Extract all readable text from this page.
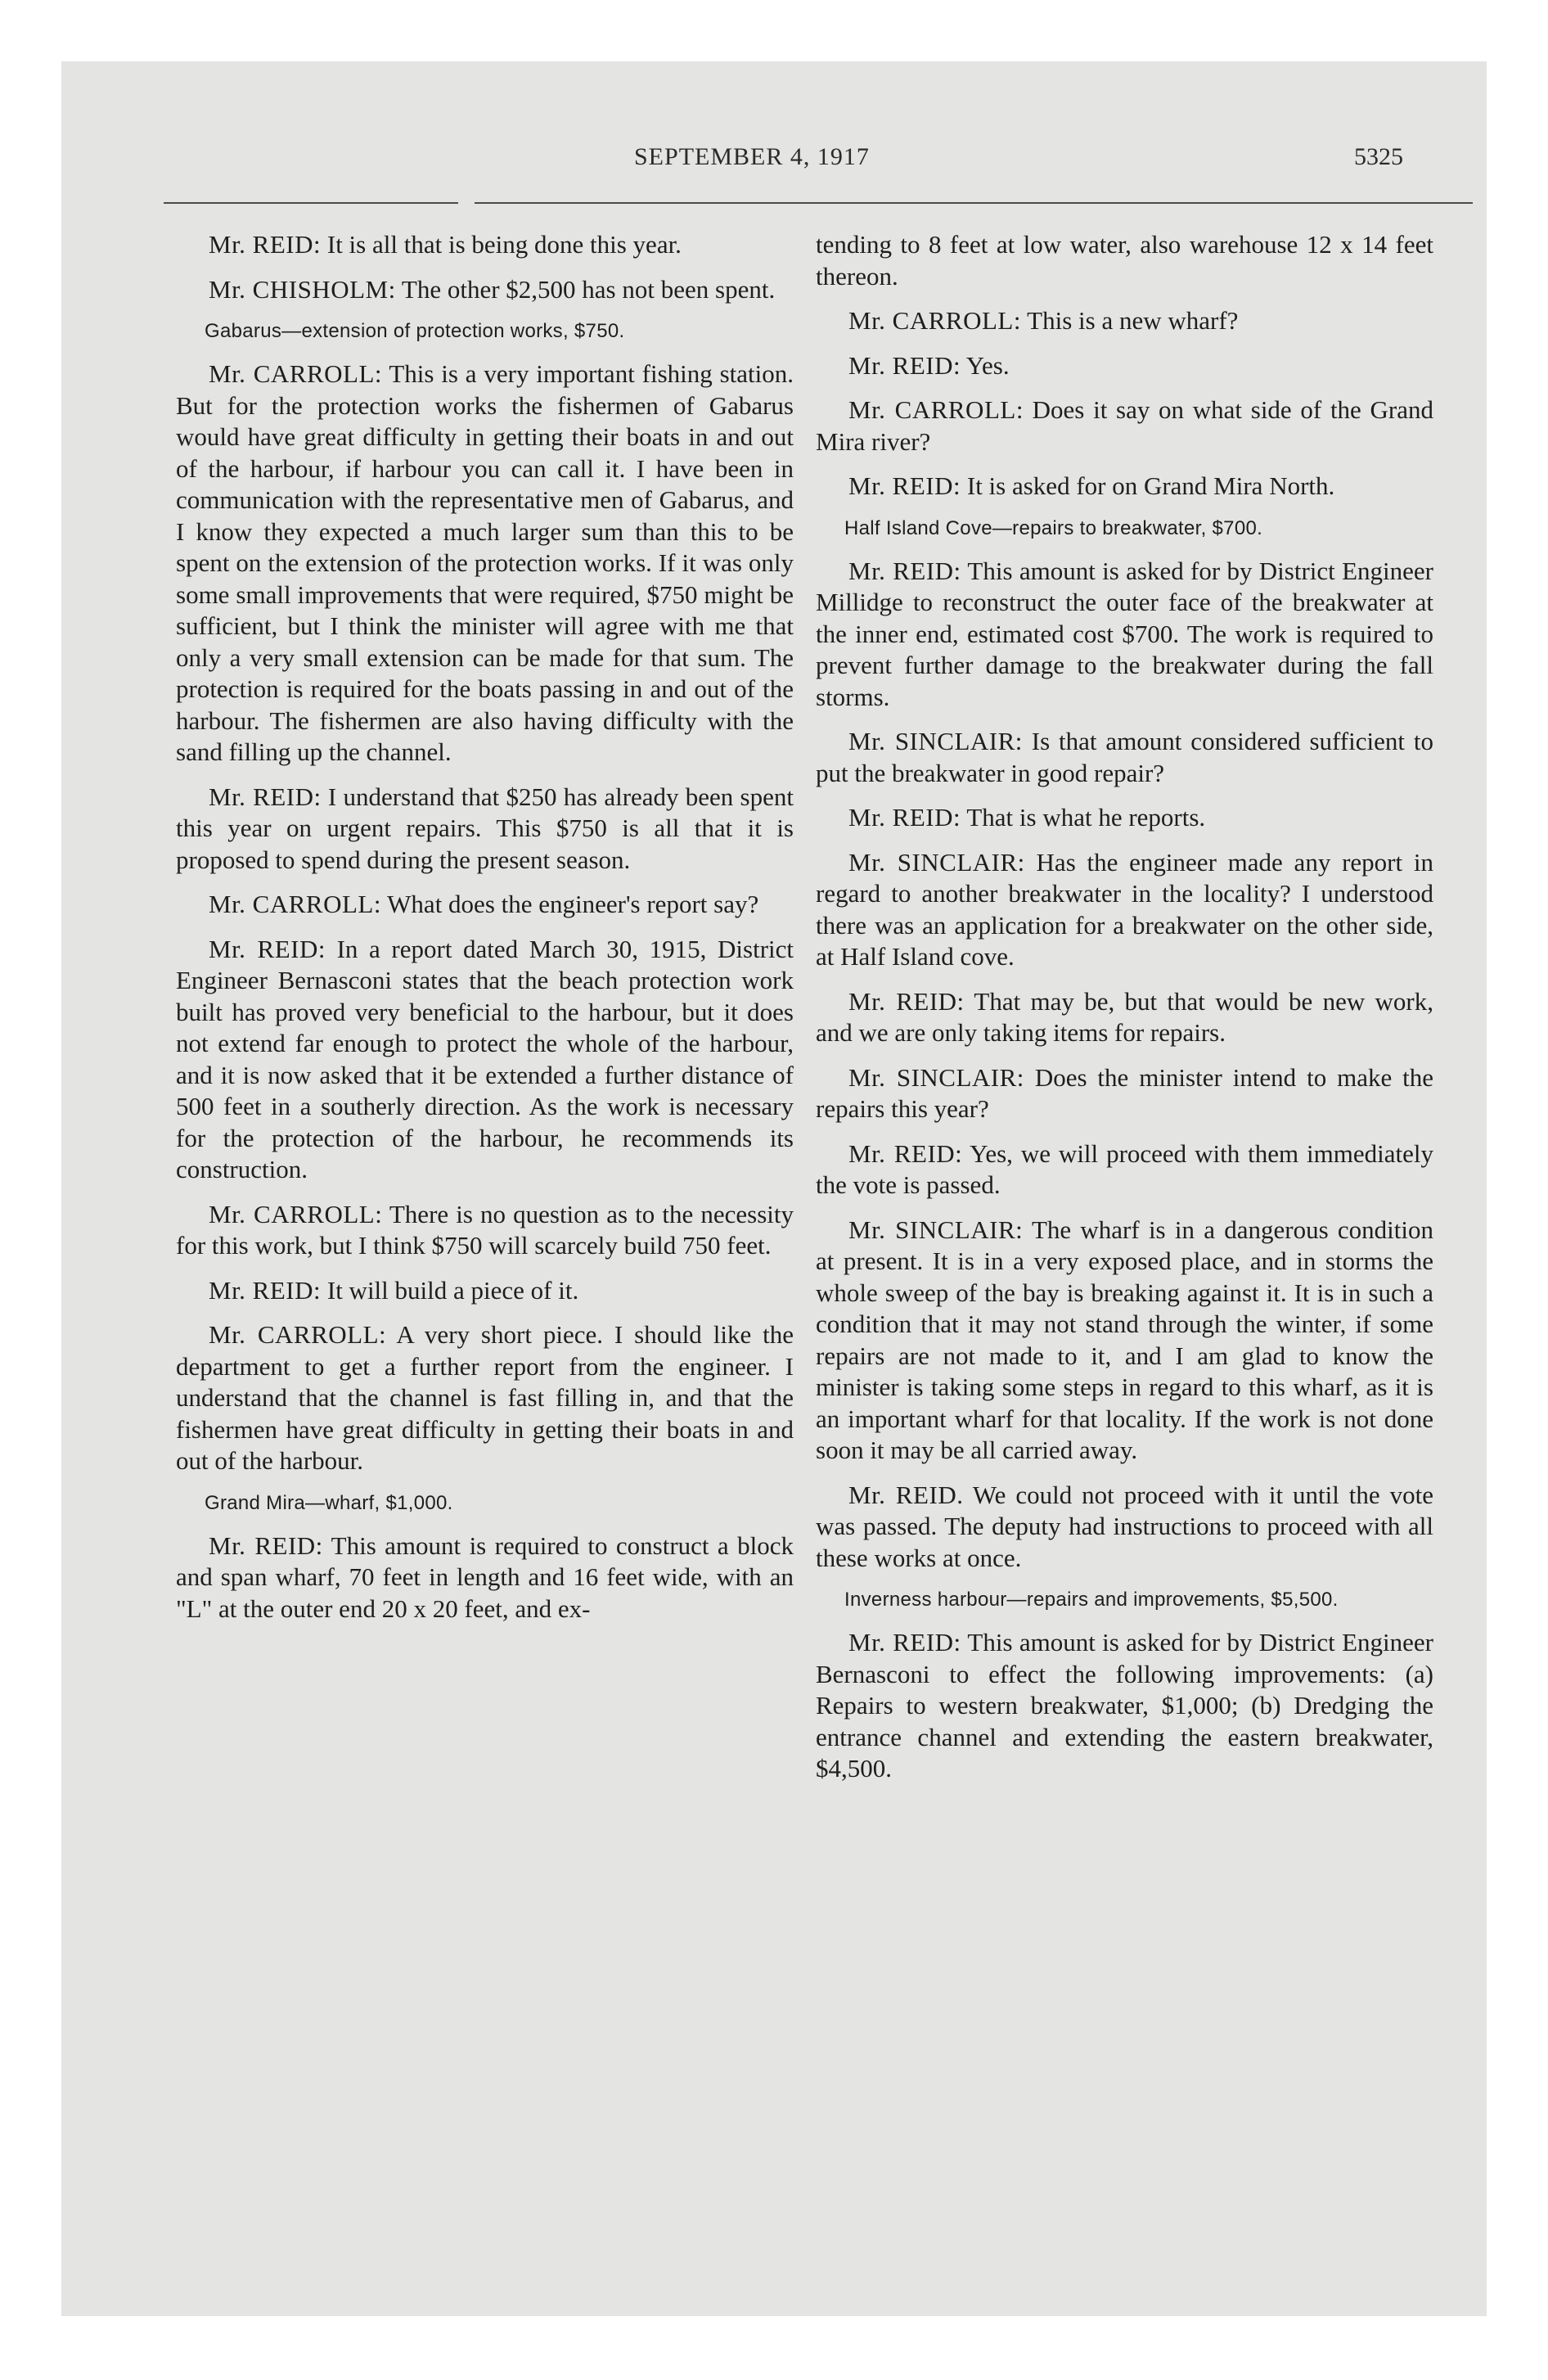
SEPTEMBER 4, 1917	5325

Mr. REID: It is all that is being done this year.

Mr. CHISHOLM: The other $2,500 has not been spent.

Gabarus—extension of protection works, $750.

Mr. CARROLL: This is a very important fishing station. But for the protection works the fishermen of Gabarus would have great difficulty in getting their boats in and out of the harbour, if harbour you can call it. I have been in communication with the representative men of Gabarus, and I know they expected a much larger sum than this to be spent on the extension of the protection works. If it was only some small improvements that were required, $750 might be sufficient, but I think the minister will agree with me that only a very small extension can be made for that sum. The protection is required for the boats passing in and out of the harbour. The fishermen are also having difficulty with the sand filling up the channel.

Mr. REID: I understand that $250 has already been spent this year on urgent repairs. This $750 is all that it is proposed to spend during the present season.

Mr. CARROLL: What does the engineer's report say?

Mr. REID: In a report dated March 30, 1915, District Engineer Bernasconi states that the beach protection work built has proved very beneficial to the harbour, but it does not extend far enough to protect the whole of the harbour, and it is now asked that it be extended a further distance of 500 feet in a southerly direction. As the work is necessary for the protection of the harbour, he recommends its construction.

Mr. CARROLL: There is no question as to the necessity for this work, but I think $750 will scarcely build 750 feet.

Mr. REID: It will build a piece of it.

Mr. CARROLL: A very short piece. I should like the department to get a further report from the engineer. I understand that the channel is fast filling in, and that the fishermen have great difficulty in getting their boats in and out of the harbour.

Grand Mira—wharf, $1,000.

Mr. REID: This amount is required to construct a block and span wharf, 70 feet in length and 16 feet wide, with an "L" at the outer end 20 x 20 feet, and ex-

tending to 8 feet at low water, also warehouse 12 x 14 feet thereon.

Mr. CARROLL: This is a new wharf?

Mr. REID: Yes.

Mr. CARROLL: Does it say on what side of the Grand Mira river?

Mr. REID: It is asked for on Grand Mira North.

Half Island Cove—repairs to breakwater, $700.

Mr. REID: This amount is asked for by District Engineer Millidge to reconstruct the outer face of the breakwater at the inner end, estimated cost $700. The work is required to prevent further damage to the breakwater during the fall storms.

Mr. SINCLAIR: Is that amount considered sufficient to put the breakwater in good repair?

Mr. REID: That is what he reports.

Mr. SINCLAIR: Has the engineer made any report in regard to another breakwater in the locality? I understood there was an application for a breakwater on the other side, at Half Island cove.

Mr. REID: That may be, but that would be new work, and we are only taking items for repairs.

Mr. SINCLAIR: Does the minister intend to make the repairs this year?

Mr. REID: Yes, we will proceed with them immediately the vote is passed.

Mr. SINCLAIR: The wharf is in a dangerous condition at present. It is in a very exposed place, and in storms the whole sweep of the bay is breaking against it. It is in such a condition that it may not stand through the winter, if some repairs are not made to it, and I am glad to know the minister is taking some steps in regard to this wharf, as it is an important wharf for that locality. If the work is not done soon it may be all carried away.

Mr. REID. We could not proceed with it until the vote was passed. The deputy had instructions to proceed with all these works at once.

Inverness harbour—repairs and improvements, $5,500.

Mr. REID: This amount is asked for by District Engineer Bernasconi to effect the following improvements: (a) Repairs to western breakwater, $1,000; (b) Dredging the entrance channel and extending the eastern breakwater, $4,500.
